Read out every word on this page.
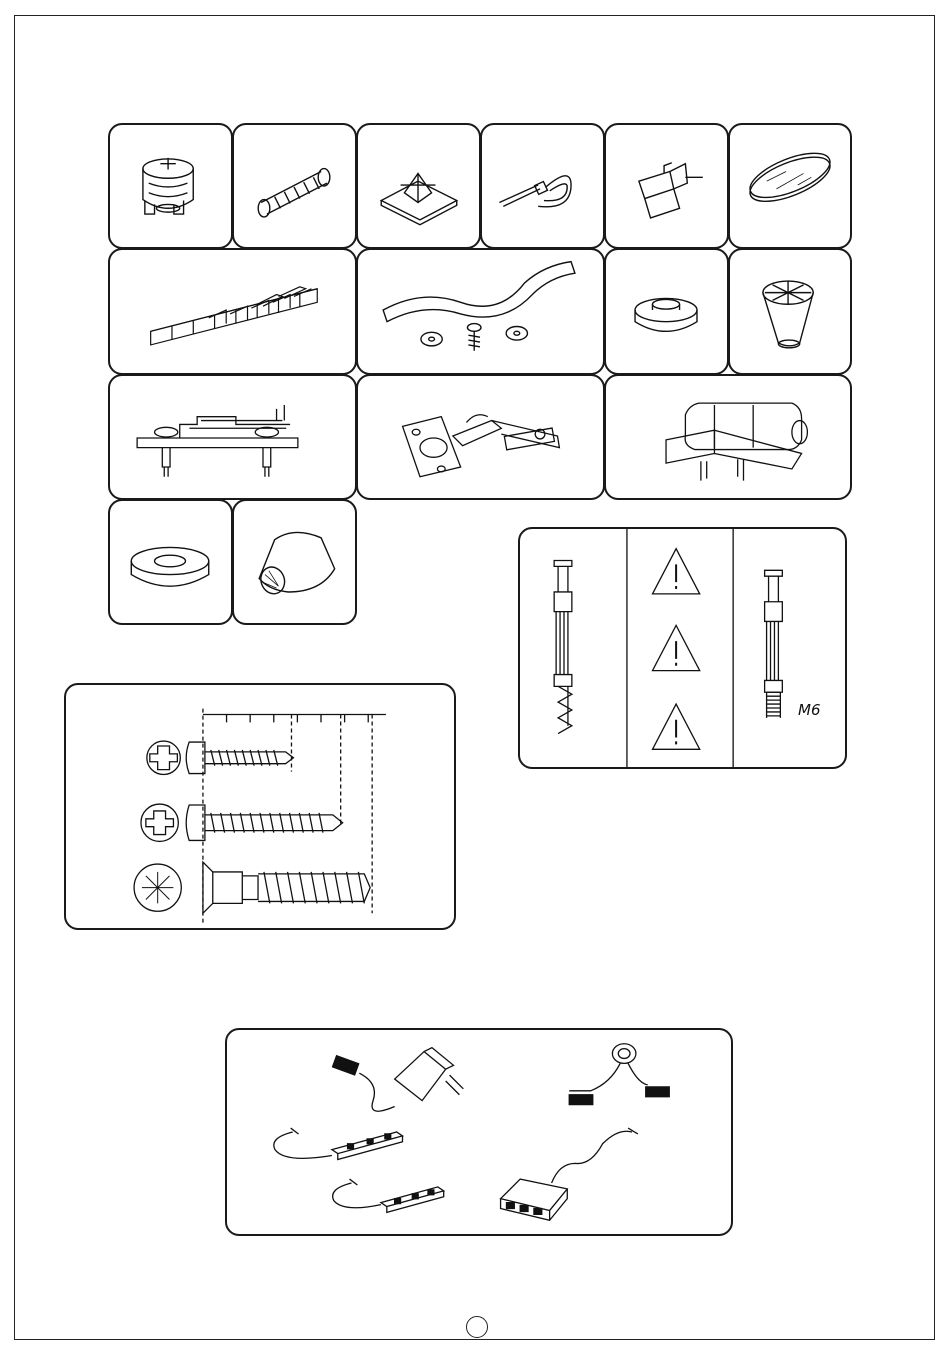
M6
